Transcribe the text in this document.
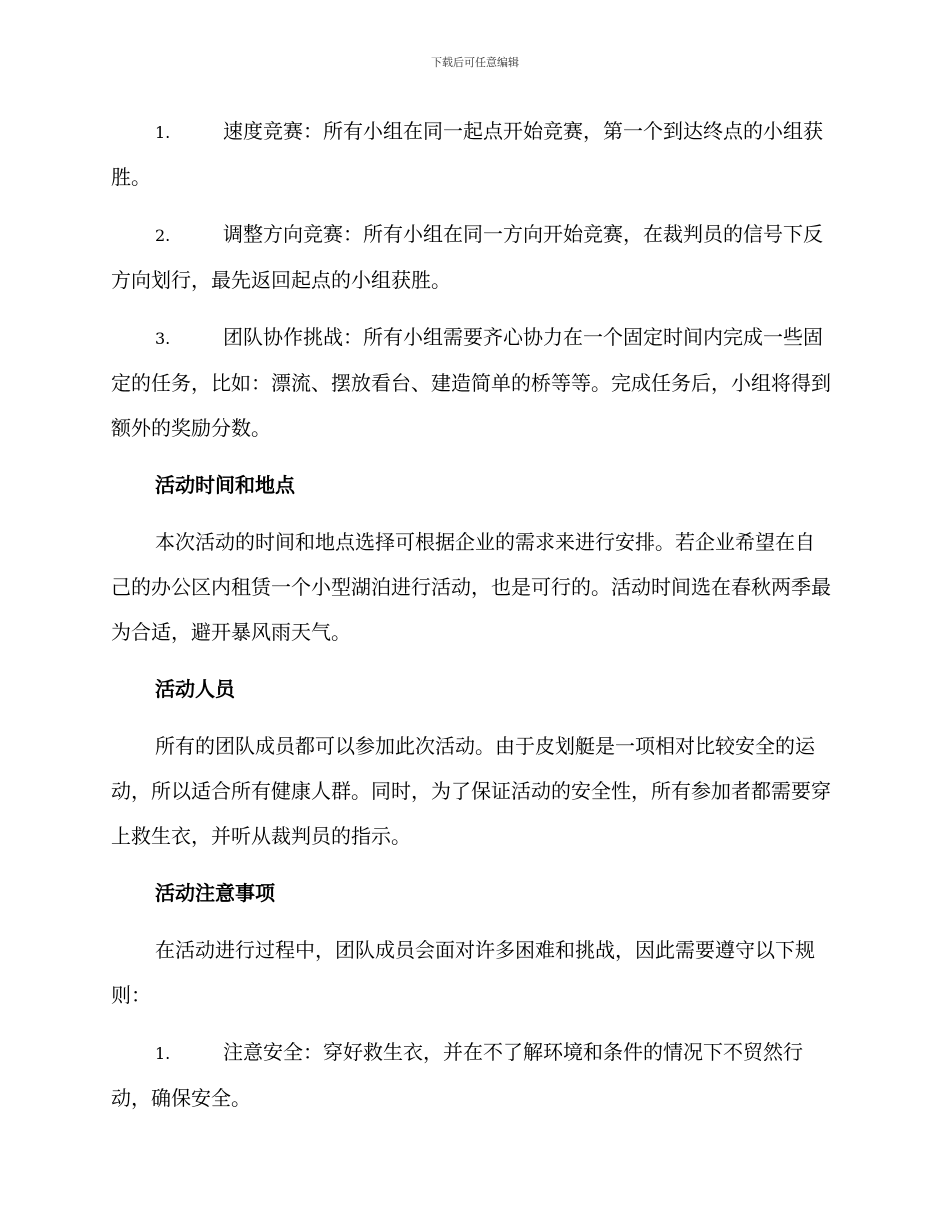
下载后可任意编辑

1.	速度竞赛：所有小组在同一起点开始竞赛，第一个到达终点的小组获胜。

2.	调整方向竞赛：所有小组在同一方向开始竞赛，在裁判员的信号下反方向划行，最先返回起点的小组获胜。

3.	团队协作挑战：所有小组需要齐心协力在一个固定时间内完成一些固定的任务，比如：漂流、摆放看台、建造简单的桥等等。完成任务后，小组将得到额外的奖励分数。

活动时间和地点

本次活动的时间和地点选择可根据企业的需求来进行安排。若企业希望在自己的办公区内租赁一个小型湖泊进行活动，也是可行的。活动时间选在春秋两季最为合适，避开暴风雨天气。

活动人员

所有的团队成员都可以参加此次活动。由于皮划艇是一项相对比较安全的运动，所以适合所有健康人群。同时，为了保证活动的安全性，所有参加者都需要穿上救生衣，并听从裁判员的指示。

活动注意事项

在活动进行过程中，团队成员会面对许多困难和挑战，因此需要遵守以下规则：

1.	注意安全：穿好救生衣，并在不了解环境和条件的情况下不贸然行动，确保安全。
